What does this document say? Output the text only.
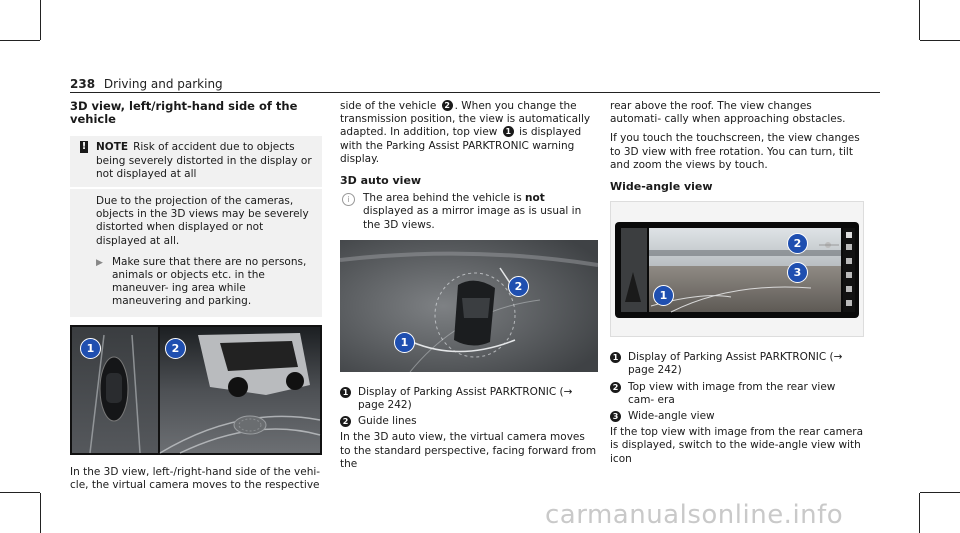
238 Driving and parking
3D view, left/right-hand side of the vehicle
! NOTE Risk of accident due to objects being severely distorted in the display or not displayed at all
Due to the projection of the cameras, objects in the 3D views may be severely distorted when displayed or not displayed at all.
▶ Make sure that there are no persons, animals or objects etc. in the maneuver- ing area while maneuvering and parking.
1	2

In the 3D view, left-/right-hand side of the vehi- cle, the virtual camera moves to the respective

side of the vehicle 2 . When you change the transmission position, the view is automatically adapted. In addition, top view 1 is displayed with the Parking Assist PARKTRONIC warning display.

3D auto view
i	The area behind the vehicle is not displayed as a mirror image as is usual in the 3D views.
2
1
1 Display of Parking Assist PARKTRONIC (→ page 242)
2 Guide lines

In the 3D auto view, the virtual camera moves to the standard perspective, facing forward from the

rear above the roof. The view changes automati- cally when approaching obstacles.

If you touch the touchscreen, the view changes to 3D view with free rotation. You can turn, tilt and zoom the views by touch.

Wide-angle view
2
3
1
1 Display of Parking Assist PARKTRONIC (→ page 242)
2 Top view with image from the rear view cam- era
3 Wide-angle view

If the top view with image from the rear camera is displayed, switch to the wide-angle view with icon

carmanualsonline.info
